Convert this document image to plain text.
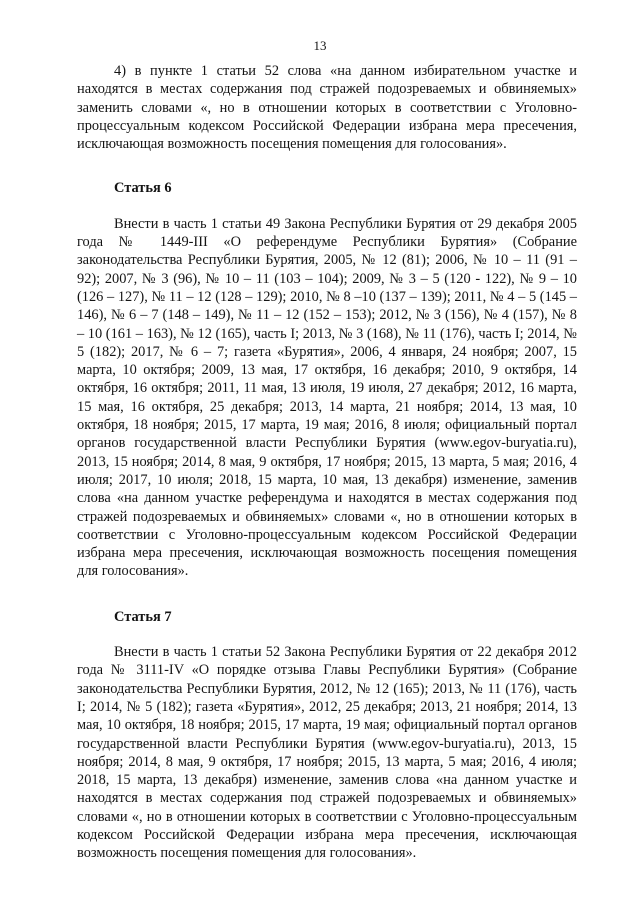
13

4) в пункте 1 статьи 52 слова «на данном избирательном участке и находятся в местах содержания под стражей подозреваемых и обвиняемых» заменить словами «, но в отношении которых в соответствии с Уголовно-процессуальным кодексом Российской Федерации избрана мера пресечения, исключающая возможность посещения помещения для голосования».

Статья 6

Внести в часть 1 статьи 49 Закона Республики Бурятия от 29 декабря 2005 года № 1449-III «О референдуме Республики Бурятия» (Собрание законодательства Республики Бурятия, 2005, № 12 (81); 2006, № 10 – 11 (91 – 92); 2007, № 3 (96), № 10 – 11 (103 – 104); 2009, № 3 – 5 (120 - 122), № 9 – 10 (126 – 127), № 11 – 12 (128 – 129); 2010, № 8 –10 (137 – 139); 2011, № 4 – 5 (145 – 146), № 6 – 7 (148 – 149), № 11 – 12 (152 – 153); 2012, № 3 (156), № 4 (157), № 8 – 10 (161 – 163), № 12 (165), часть I; 2013, № 3 (168), № 11 (176), часть I; 2014, № 5 (182); 2017, № 6 – 7; газета «Бурятия», 2006, 4 января, 24 ноября; 2007, 15 марта, 10 октября; 2009, 13 мая, 17 октября, 16 декабря; 2010, 9 октября, 14 октября, 16 октября; 2011, 11 мая, 13 июля, 19 июля, 27 декабря; 2012, 16 марта, 15 мая, 16 октября, 25 декабря; 2013, 14 марта, 21 ноября; 2014, 13 мая, 10 октября, 18 ноября; 2015, 17 марта, 19 мая; 2016, 8 июля; официальный портал органов государственной власти Республики Бурятия (www.egov-buryatia.ru), 2013, 15 ноября; 2014, 8 мая, 9 октября, 17 ноября; 2015, 13 марта, 5 мая; 2016, 4 июля; 2017, 10 июля; 2018, 15 марта, 10 мая, 13 декабря) изменение, заменив слова «на данном участке референдума и находятся в местах содержания под стражей подозреваемых и обвиняемых» словами «, но в отношении которых в соответствии с Уголовно-процессуальным кодексом Российской Федерации избрана мера пресечения, исключающая возможность посещения помещения для голосования».

Статья 7

Внести в часть 1 статьи 52 Закона Республики Бурятия от 22 декабря 2012 года № 3111-IV «О порядке отзыва Главы Республики Бурятия» (Собрание законодательства Республики Бурятия, 2012, № 12 (165); 2013, № 11 (176), часть I; 2014, № 5 (182); газета «Бурятия», 2012, 25 декабря; 2013, 21 ноября; 2014, 13 мая, 10 октября, 18 ноября; 2015, 17 марта, 19 мая; официальный портал органов государственной власти Республики Бурятия (www.egov-buryatia.ru), 2013, 15 ноября; 2014, 8 мая, 9 октября, 17 ноября; 2015, 13 марта, 5 мая; 2016, 4 июля; 2018, 15 марта, 13 декабря) изменение, заменив слова «на данном участке и находятся в местах содержания под стражей подозреваемых и обвиняемых» словами «, но в отношении которых в соответствии с Уголовно-процессуальным кодексом Российской Федерации избрана мера пресечения, исключающая возможность посещения помещения для голосования».
